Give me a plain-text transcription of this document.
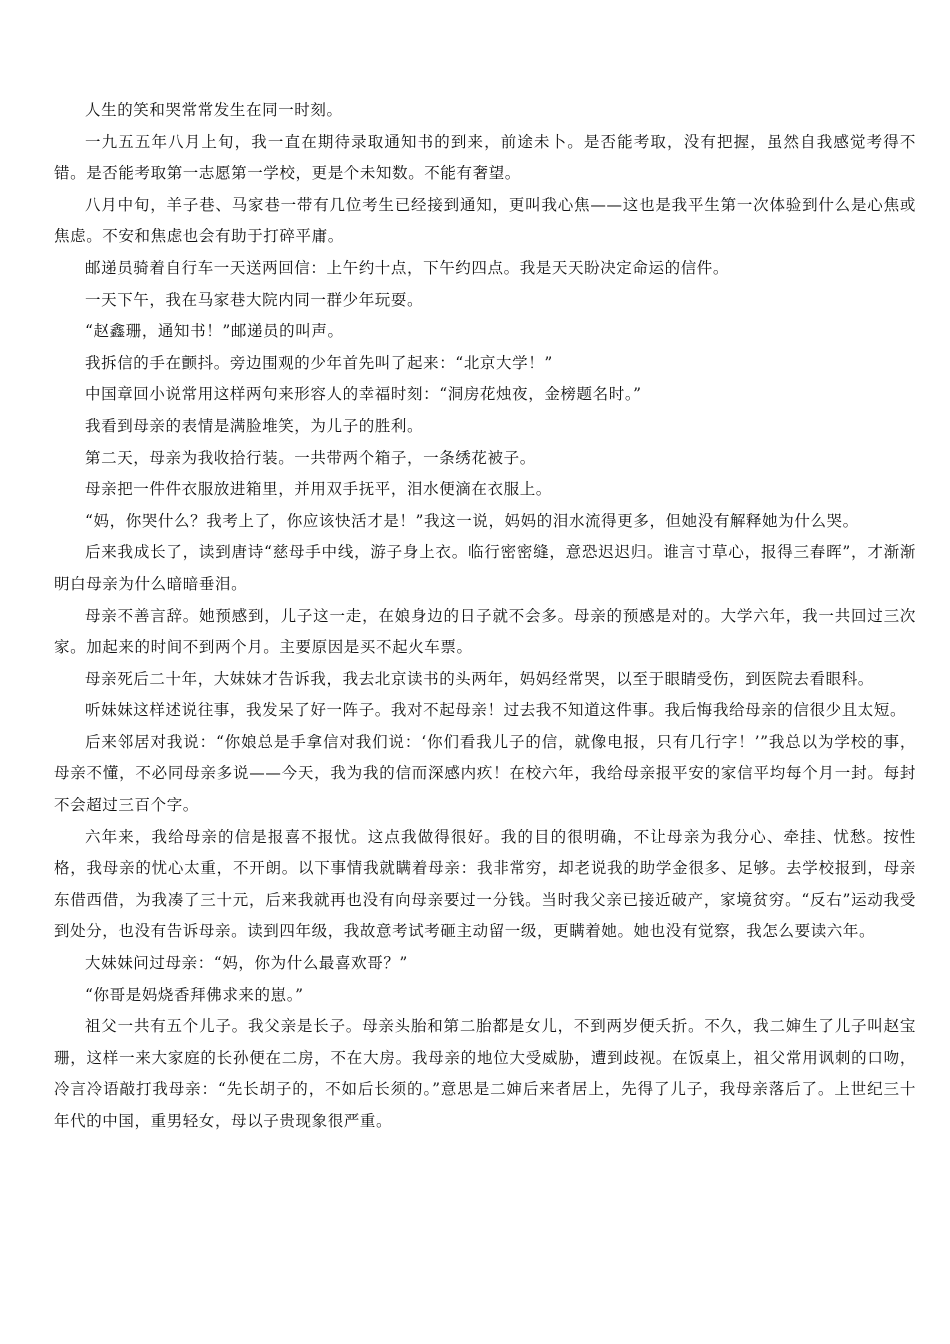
人生的笑和哭常常发生在同一时刻。

一九五五年八月上旬，我一直在期待录取通知书的到来，前途未卜。是否能考取，没有把握，虽然自我感觉考得不错。是否能考取第一志愿第一学校，更是个未知数。不能有奢望。

八月中旬，羊子巷、马家巷一带有几位考生已经接到通知，更叫我心焦——这也是我平生第一次体验到什么是心焦或焦虑。不安和焦虑也会有助于打碎平庸。

邮递员骑着自行车一天送两回信：上午约十点，下午约四点。我是天天盼决定命运的信件。

一天下午，我在马家巷大院内同一群少年玩耍。

“赵鑫珊，通知书！”邮递员的叫声。

我拆信的手在颤抖。旁边围观的少年首先叫了起来：“北京大学！”

中国章回小说常用这样两句来形容人的幸福时刻：“洞房花烛夜，金榜题名时。”

我看到母亲的表情是满脸堆笑，为儿子的胜利。

第二天，母亲为我收拾行装。一共带两个箱子，一条绣花被子。

母亲把一件件衣服放进箱里，并用双手抚平，泪水便滴在衣服上。

“妈，你哭什么？我考上了，你应该快活才是！”我这一说，妈妈的泪水流得更多，但她没有解释她为什么哭。

后来我成长了，读到唐诗“慈母手中线，游子身上衣。临行密密缝，意恐迟迟归。谁言寸草心，报得三春晖”，才渐渐明白母亲为什么暗暗垂泪。

母亲不善言辞。她预感到，儿子这一走，在娘身边的日子就不会多。母亲的预感是对的。大学六年，我一共回过三次家。加起来的时间不到两个月。主要原因是买不起火车票。

母亲死后二十年，大妹妹才告诉我，我去北京读书的头两年，妈妈经常哭，以至于眼睛受伤，到医院去看眼科。

听妹妹这样述说往事，我发呆了好一阵子。我对不起母亲！过去我不知道这件事。我后悔我给母亲的信很少且太短。

后来邻居对我说：“你娘总是手拿信对我们说：‘你们看我儿子的信，就像电报，只有几行字！’”我总以为学校的事，母亲不懂，不必同母亲多说——今天，我为我的信而深感内疚！在校六年，我给母亲报平安的家信平均每个月一封。每封不会超过三百个字。

六年来，我给母亲的信是报喜不报忧。这点我做得很好。我的目的很明确，不让母亲为我分心、牵挂、忧愁。按性格，我母亲的忧心太重，不开朗。以下事情我就瞒着母亲：我非常穷，却老说我的助学金很多、足够。去学校报到，母亲东借西借，为我凑了三十元，后来我就再也没有向母亲要过一分钱。当时我父亲已接近破产，家境贫穷。“反右”运动我受到处分，也没有告诉母亲。读到四年级，我故意考试考砸主动留一级，更瞒着她。她也没有觉察，我怎么要读六年。

大妹妹问过母亲：“妈，你为什么最喜欢哥？”

“你哥是妈烧香拜佛求来的崽。”

祖父一共有五个儿子。我父亲是长子。母亲头胎和第二胎都是女儿，不到两岁便夭折。不久，我二婶生了儿子叫赵宝珊，这样一来大家庭的长孙便在二房，不在大房。我母亲的地位大受威胁，遭到歧视。在饭桌上，祖父常用讽刺的口吻，冷言冷语敲打我母亲：“先长胡子的，不如后长须的。”意思是二婶后来者居上，先得了儿子，我母亲落后了。上世纪三十年代的中国，重男轻女，母以子贵现象很严重。
